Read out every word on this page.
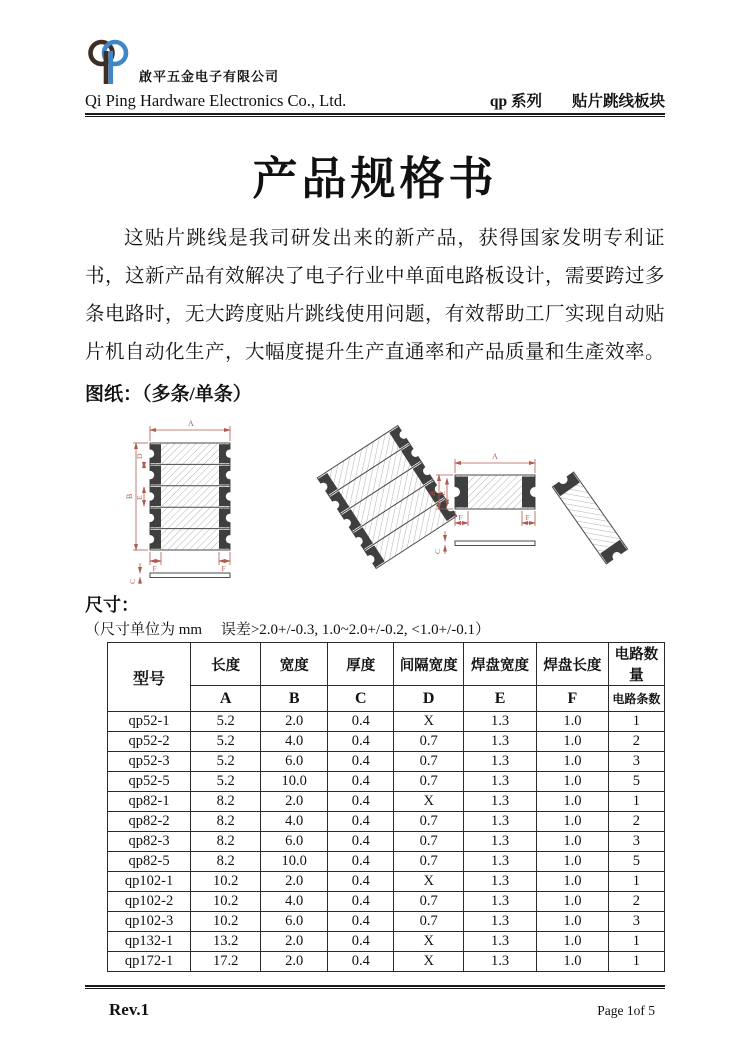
啟平五金电子有限公司
Qi Ping Hardware Electronics Co., Ltd.	qp 系列 贴片跳线板块
产品规格书

这贴片跳线是我司研发出来的新产品，获得国家发明专利证书，这新产品有效解决了电子行业中单面电路板设计，需要跨过多条电路时，无大跨度贴片跳线使用问题，有效帮助工厂实现自动贴片机自动化生产，大幅度提升生产直通率和产品质量和生產效率。

图纸：（多条/单条）
A
B
D
E
F	F
C
A
B E
F	F
C
尺寸：
（尺寸单位为 mm　 误差>2.0+/-0.3, 1.0~2.0+/-0.2, <1.0+/-0.1）
型号	长度	宽度	厚度	间隔宽度	焊盘宽度	焊盘长度	电路数量
	A	B	C	D	E	F	电路条数
qp52-1	5.2	2.0	0.4	X	1.3	1.0	1
qp52-2	5.2	4.0	0.4	0.7	1.3	1.0	2
qp52-3	5.2	6.0	0.4	0.7	1.3	1.0	3
qp52-5	5.2	10.0	0.4	0.7	1.3	1.0	5
qp82-1	8.2	2.0	0.4	X	1.3	1.0	1
qp82-2	8.2	4.0	0.4	0.7	1.3	1.0	2
qp82-3	8.2	6.0	0.4	0.7	1.3	1.0	3
qp82-5	8.2	10.0	0.4	0.7	1.3	1.0	5
qp102-1	10.2	2.0	0.4	X	1.3	1.0	1
qp102-2	10.2	4.0	0.4	0.7	1.3	1.0	2
qp102-3	10.2	6.0	0.4	0.7	1.3	1.0	3
qp132-1	13.2	2.0	0.4	X	1.3	1.0	1
qp172-1	17.2	2.0	0.4	X	1.3	1.0	1
Rev.1	Page 1of 5
